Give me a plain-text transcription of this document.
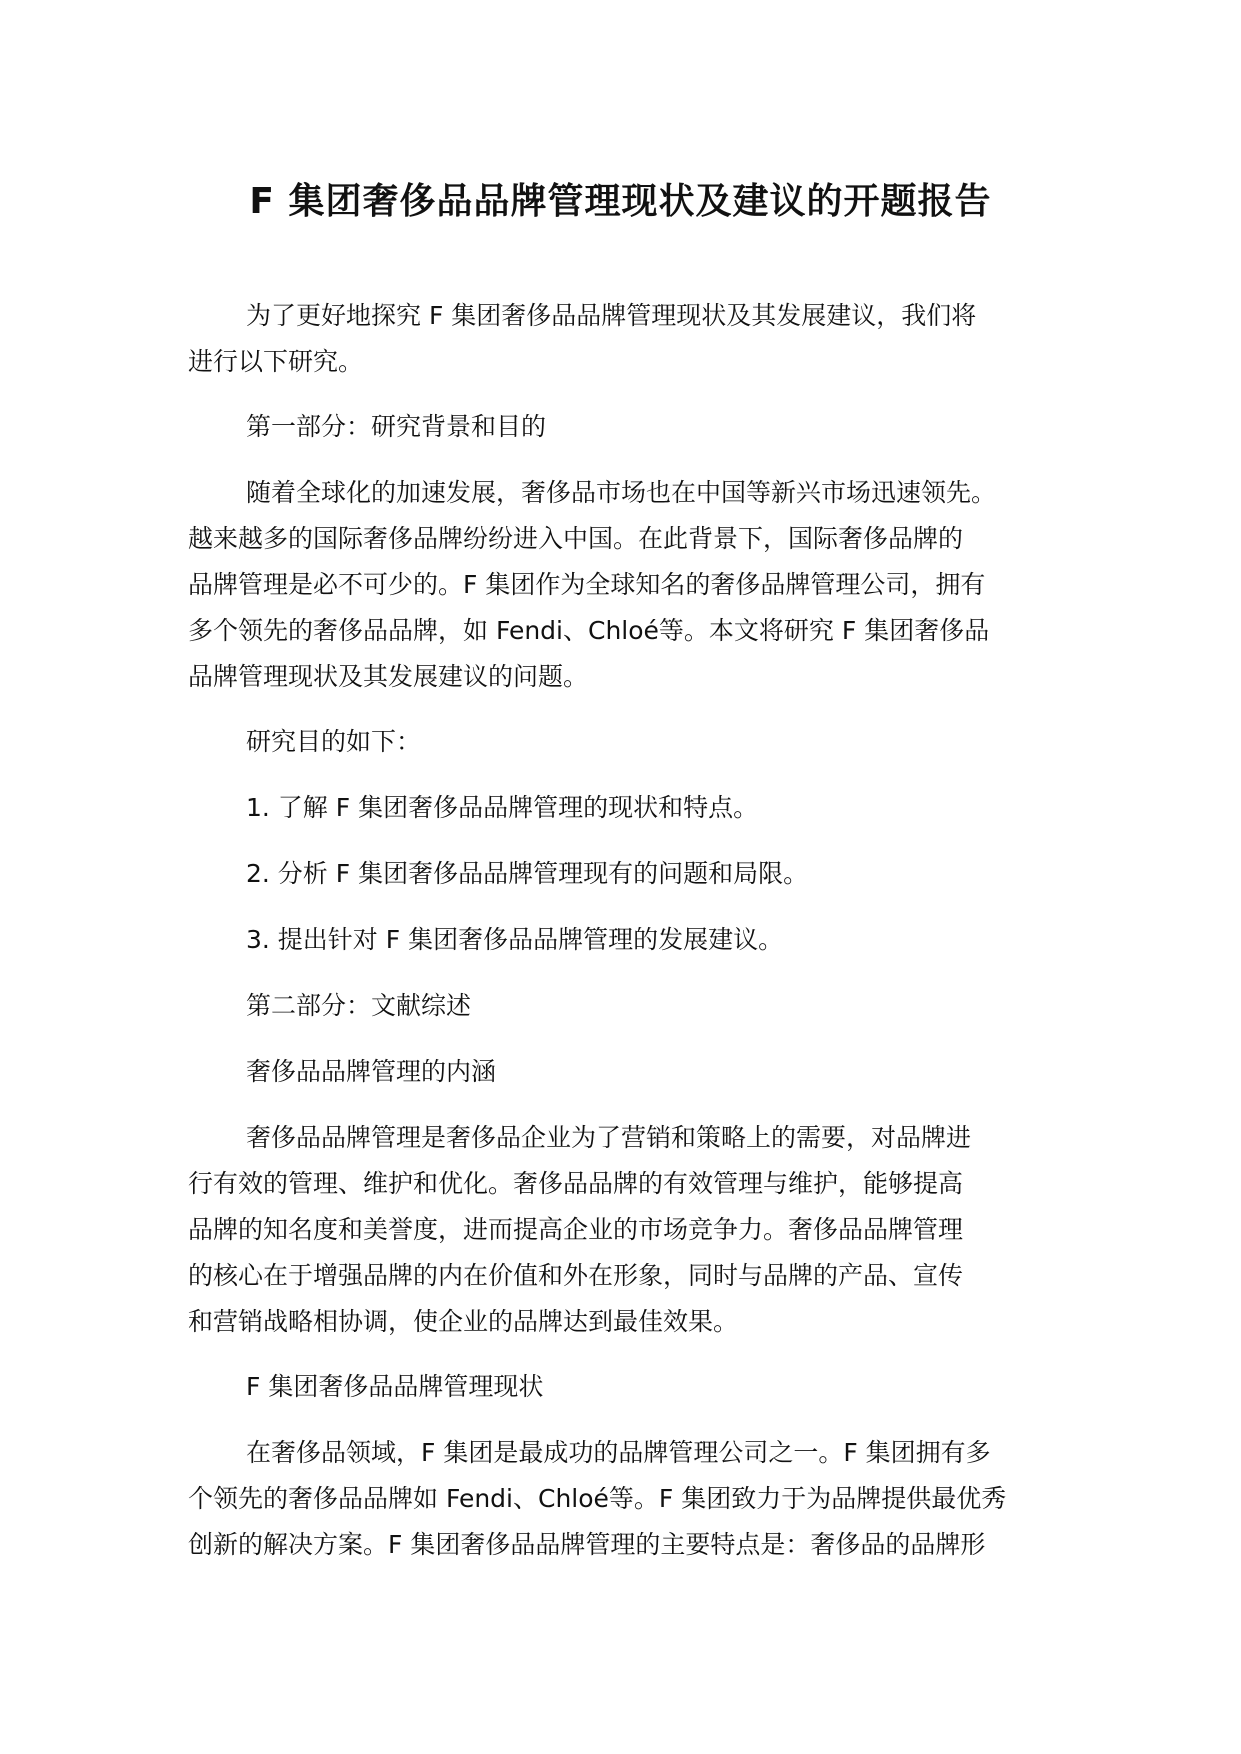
F 集团奢侈品品牌管理现状及建议的开题报告

为了更好地探究 F 集团奢侈品品牌管理现状及其发展建议，我们将
进行以下研究。

第一部分：研究背景和目的

随着全球化的加速发展，奢侈品市场也在中国等新兴市场迅速领先。
越来越多的国际奢侈品牌纷纷进入中国。在此背景下，国际奢侈品牌的
品牌管理是必不可少的。F 集团作为全球知名的奢侈品牌管理公司，拥有
多个领先的奢侈品品牌，如 Fendi、Chloé等。本文将研究 F 集团奢侈品
品牌管理现状及其发展建议的问题。

研究目的如下：

1. 了解 F 集团奢侈品品牌管理的现状和特点。

2. 分析 F 集团奢侈品品牌管理现有的问题和局限。

3. 提出针对 F 集团奢侈品品牌管理的发展建议。

第二部分：文献综述

奢侈品品牌管理的内涵

奢侈品品牌管理是奢侈品企业为了营销和策略上的需要，对品牌进
行有效的管理、维护和优化。奢侈品品牌的有效管理与维护，能够提高
品牌的知名度和美誉度，进而提高企业的市场竞争力。奢侈品品牌管理
的核心在于增强品牌的内在价值和外在形象，同时与品牌的产品、宣传
和营销战略相协调，使企业的品牌达到最佳效果。

F 集团奢侈品品牌管理现状

在奢侈品领域，F 集团是最成功的品牌管理公司之一。F 集团拥有多
个领先的奢侈品品牌如 Fendi、Chloé等。F 集团致力于为品牌提供最优秀
创新的解决方案。F 集团奢侈品品牌管理的主要特点是：奢侈品的品牌形
